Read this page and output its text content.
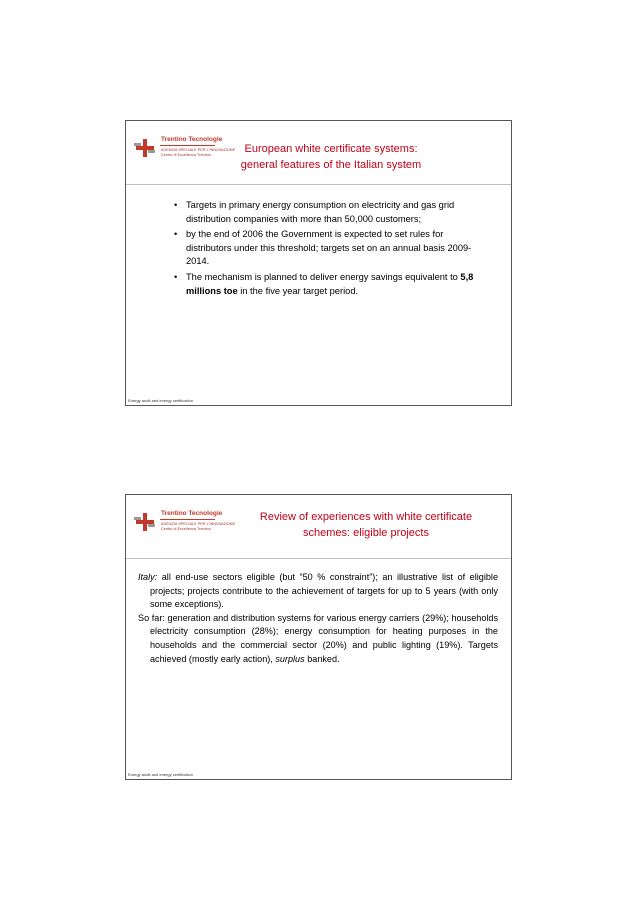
Trentino Tecnologie
AGENZIA SPECIALE PER L'INNOVAZIONE
Centro di Eccellenza Trentino	European white certificate systems:
general features of the Italian system
• Targets in primary energy consumption on electricity and gas grid distribution companies with more than 50,000 customers;
• by the end of 2006 the Government is expected to set rules for distributors under this threshold; targets set on an annual basis 2009-2014.
• The mechanism is planned to deliver energy savings equivalent to 5,8 millions toe in the five year target period.
Energy audit and energy certification
Trentino Tecnologie
AGENZIA SPECIALE PER L'INNOVAZIONE
Centro di Eccellenza Trentino
Review of experiences with white certificate
schemes: eligible projects

Italy: all end-use sectors eligible (but “50 % constraint”); an illustrative list of eligible projects; projects contribute to the achievement of targets for up to 5 years (with only some exceptions).

So far: generation and distribution systems for various energy carriers (29%); households electricity consumption (28%); energy consumption for heating purposes in the households and the commercial sector (20%) and public lighting (19%). Targets achieved (mostly early action), surplus banked.

Energy audit and energy certification
